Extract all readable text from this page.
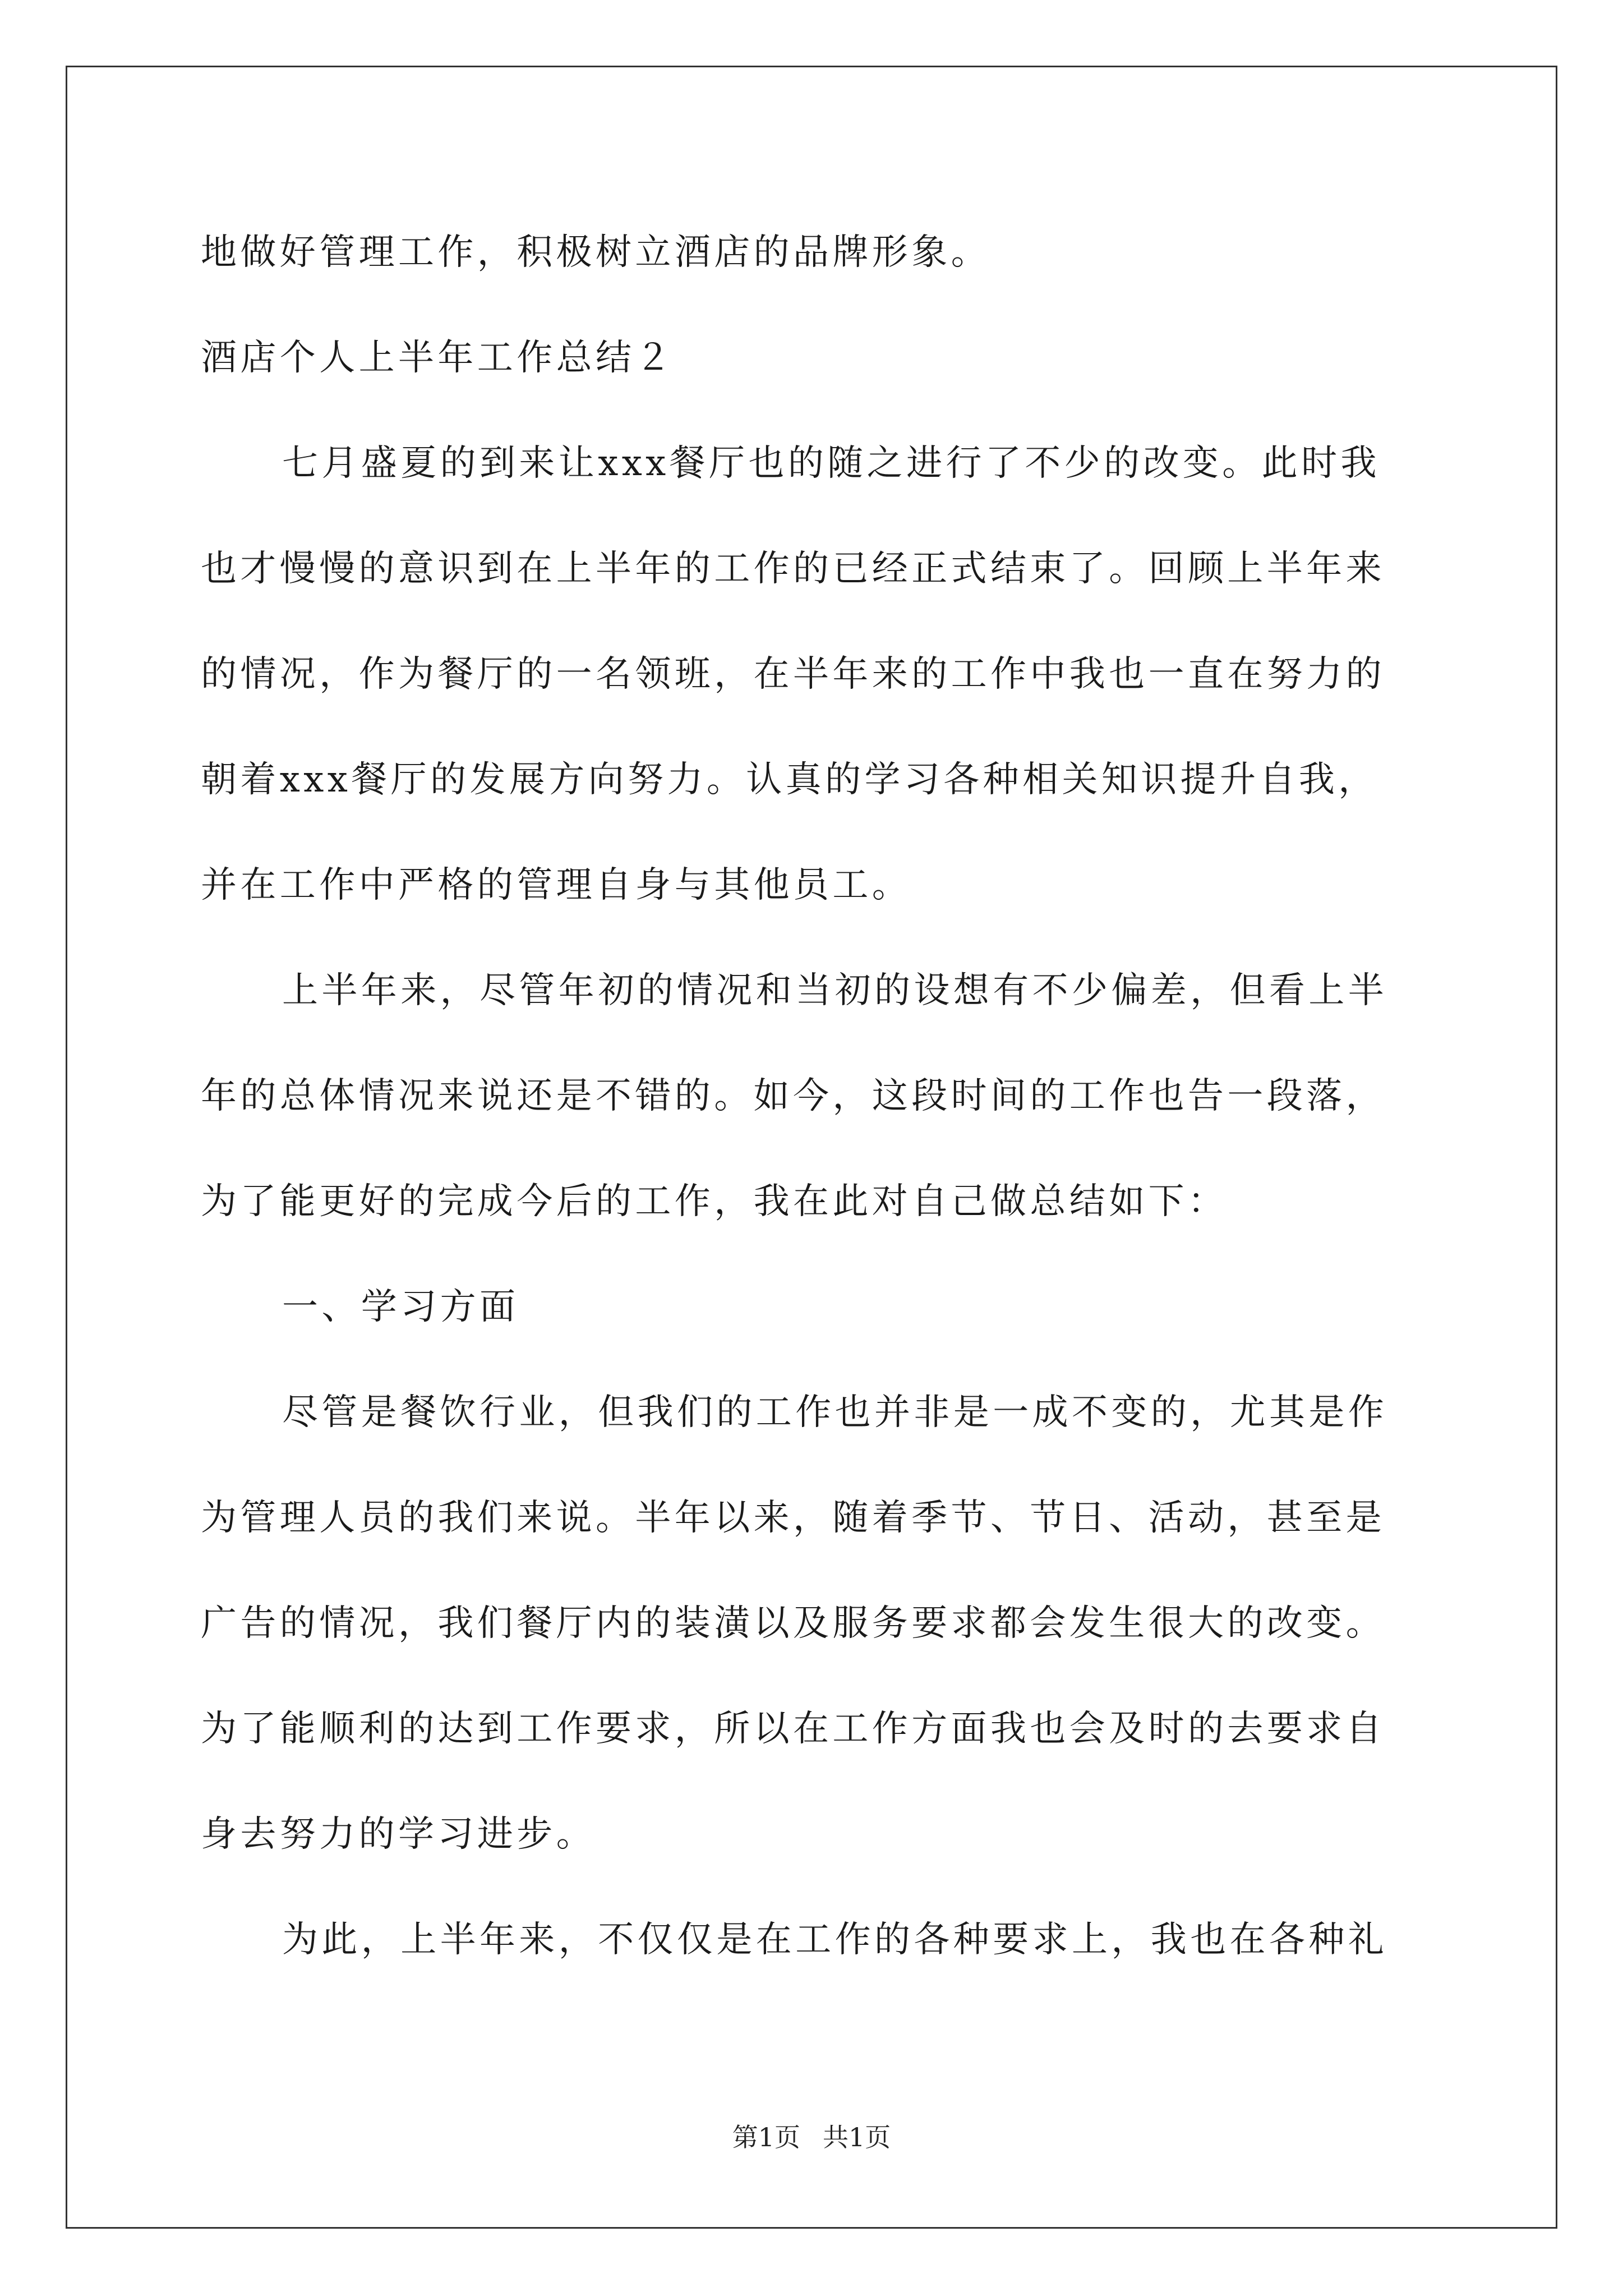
地做好管理工作，积极树立酒店的品牌形象。
酒店个人上半年工作总结２
七月盛夏的到来让xxx餐厅也的随之进行了不少的改变。此时我
也才慢慢的意识到在上半年的工作的已经正式结束了。回顾上半年来
的情况，作为餐厅的一名领班，在半年来的工作中我也一直在努力的
朝着xxx餐厅的发展方向努力。认真的学习各种相关知识提升自我，
并在工作中严格的管理自身与其他员工。
上半年来，尽管年初的情况和当初的设想有不少偏差，但看上半
年的总体情况来说还是不错的。如今，这段时间的工作也告一段落，
为了能更好的完成今后的工作，我在此对自己做总结如下：
一、学习方面
尽管是餐饮行业，但我们的工作也并非是一成不变的，尤其是作
为管理人员的我们来说。半年以来，随着季节、节日、活动，甚至是
广告的情况，我们餐厅内的装潢以及服务要求都会发生很大的改变。
为了能顺利的达到工作要求，所以在工作方面我也会及时的去要求自
身去努力的学习进步。
为此，上半年来，不仅仅是在工作的各种要求上，我也在各种礼
第1页 共1页
